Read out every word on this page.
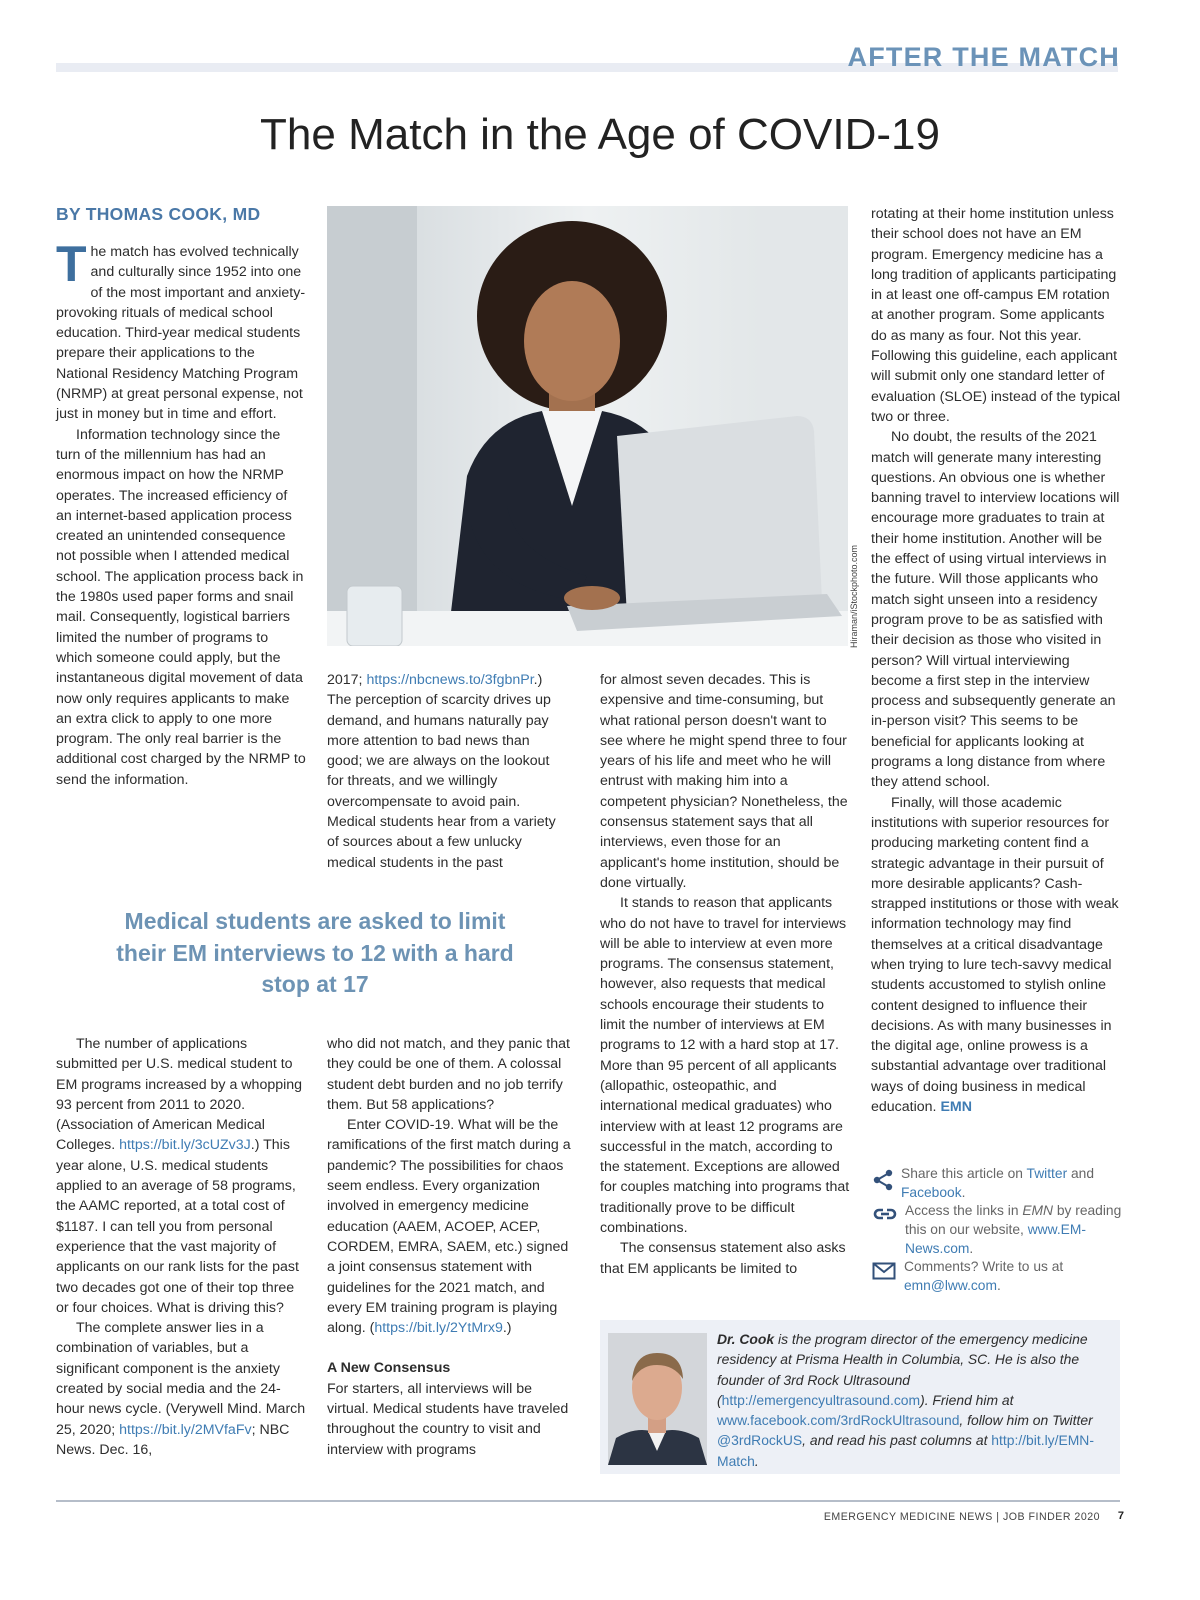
AFTER THE MATCH
The Match in the Age of COVID-19
BY THOMAS COOK, MD

The match has evolved technically and culturally since 1952 into one of the most important and anxiety-provoking rituals of medical school education. Third-year medical students prepare their applications to the National Residency Matching Program (NRMP) at great personal expense, not just in money but in time and effort.

Information technology since the turn of the millennium has had an enormous impact on how the NRMP operates. The increased efficiency of an internet-based application process created an unintended consequence not possible when I attended medical school. The application process back in the 1980s used paper forms and snail mail. Consequently, logistical barriers limited the number of programs to which someone could apply, but the instantaneous digital movement of data now only requires applicants to make an extra click to apply to one more program. The only real barrier is the additional cost charged by the NRMP to send the information.

Hiraman/iStockphoto.com

2017; https://nbcnews.to/3fgbnPr.) The perception of scarcity drives up demand, and humans naturally pay more attention to bad news than good; we are always on the lookout for threats, and we willingly overcompensate to avoid pain. Medical students hear from a variety of sources about a few unlucky medical students in the past

Medical students are asked to limit their EM interviews to 12 with a hard stop at 17

The number of applications submitted per U.S. medical student to EM programs increased by a whopping 93 percent from 2011 to 2020. (Association of American Medical Colleges. https://bit.ly/3cUZv3J.) This year alone, U.S. medical students applied to an average of 58 programs, the AAMC reported, at a total cost of $1187. I can tell you from personal experience that the vast majority of applicants on our rank lists for the past two decades got one of their top three or four choices. What is driving this?

The complete answer lies in a combination of variables, but a significant component is the anxiety created by social media and the 24-hour news cycle. (Verywell Mind. March 25, 2020; https://bit.ly/2MVfaFv; NBC News. Dec. 16,

who did not match, and they panic that they could be one of them. A colossal student debt burden and no job terrify them. But 58 applications?

Enter COVID-19. What will be the ramifications of the first match during a pandemic? The possibilities for chaos seem endless. Every organization involved in emergency medicine education (AAEM, ACOEP, ACEP, CORDEM, EMRA, SAEM, etc.) signed a joint consensus statement with guidelines for the 2021 match, and every EM training program is playing along. (https://bit.ly/2YtMrx9.)

A New Consensus

For starters, all interviews will be virtual. Medical students have traveled throughout the country to visit and interview with programs

for almost seven decades. This is expensive and time-consuming, but what rational person doesn't want to see where he might spend three to four years of his life and meet who he will entrust with making him into a competent physician? Nonetheless, the consensus statement says that all interviews, even those for an applicant's home institution, should be done virtually.

It stands to reason that applicants who do not have to travel for interviews will be able to interview at even more programs. The consensus statement, however, also requests that medical schools encourage their students to limit the number of interviews at EM programs to 12 with a hard stop at 17. More than 95 percent of all applicants (allopathic, osteopathic, and international medical graduates) who interview with at least 12 programs are successful in the match, according to the statement. Exceptions are allowed for couples matching into programs that traditionally prove to be difficult combinations.

The consensus statement also asks that EM applicants be limited to

rotating at their home institution unless their school does not have an EM program. Emergency medicine has a long tradition of applicants participating in at least one off-campus EM rotation at another program. Some applicants do as many as four. Not this year. Following this guideline, each applicant will submit only one standard letter of evaluation (SLOE) instead of the typical two or three.

No doubt, the results of the 2021 match will generate many interesting questions. An obvious one is whether banning travel to interview locations will encourage more graduates to train at their home institution. Another will be the effect of using virtual interviews in the future. Will those applicants who match sight unseen into a residency program prove to be as satisfied with their decision as those who visited in person? Will virtual interviewing become a first step in the interview process and subsequently generate an in-person visit? This seems to be beneficial for applicants looking at programs a long distance from where they attend school.

Finally, will those academic institutions with superior resources for producing marketing content find a strategic advantage in their pursuit of more desirable applicants? Cash-strapped institutions or those with weak information technology may find themselves at a critical disadvantage when trying to lure tech-savvy medical students accustomed to stylish online content designed to influence their decisions. As with many businesses in the digital age, online prowess is a substantial advantage over traditional ways of doing business in medical education. EMN

Share this article on Twitter and
Facebook.
Access the links in EMN by reading this on our website, www.EM-News.com.
Comments? Write to us at
emn@lww.com.
Dr. Cook is the program director of the emergency medicine residency at Prisma Health in Columbia, SC. He is also the founder of 3rd Rock Ultrasound (http://emergencyultrasound.com). Friend him at www.facebook.com/3rdRockUltrasound, follow him on Twitter @3rdRockUS, and read his past columns at http://bit.ly/EMN-Match.
EMERGENCY MEDICINE NEWS | JOB FINDER 2020 7
